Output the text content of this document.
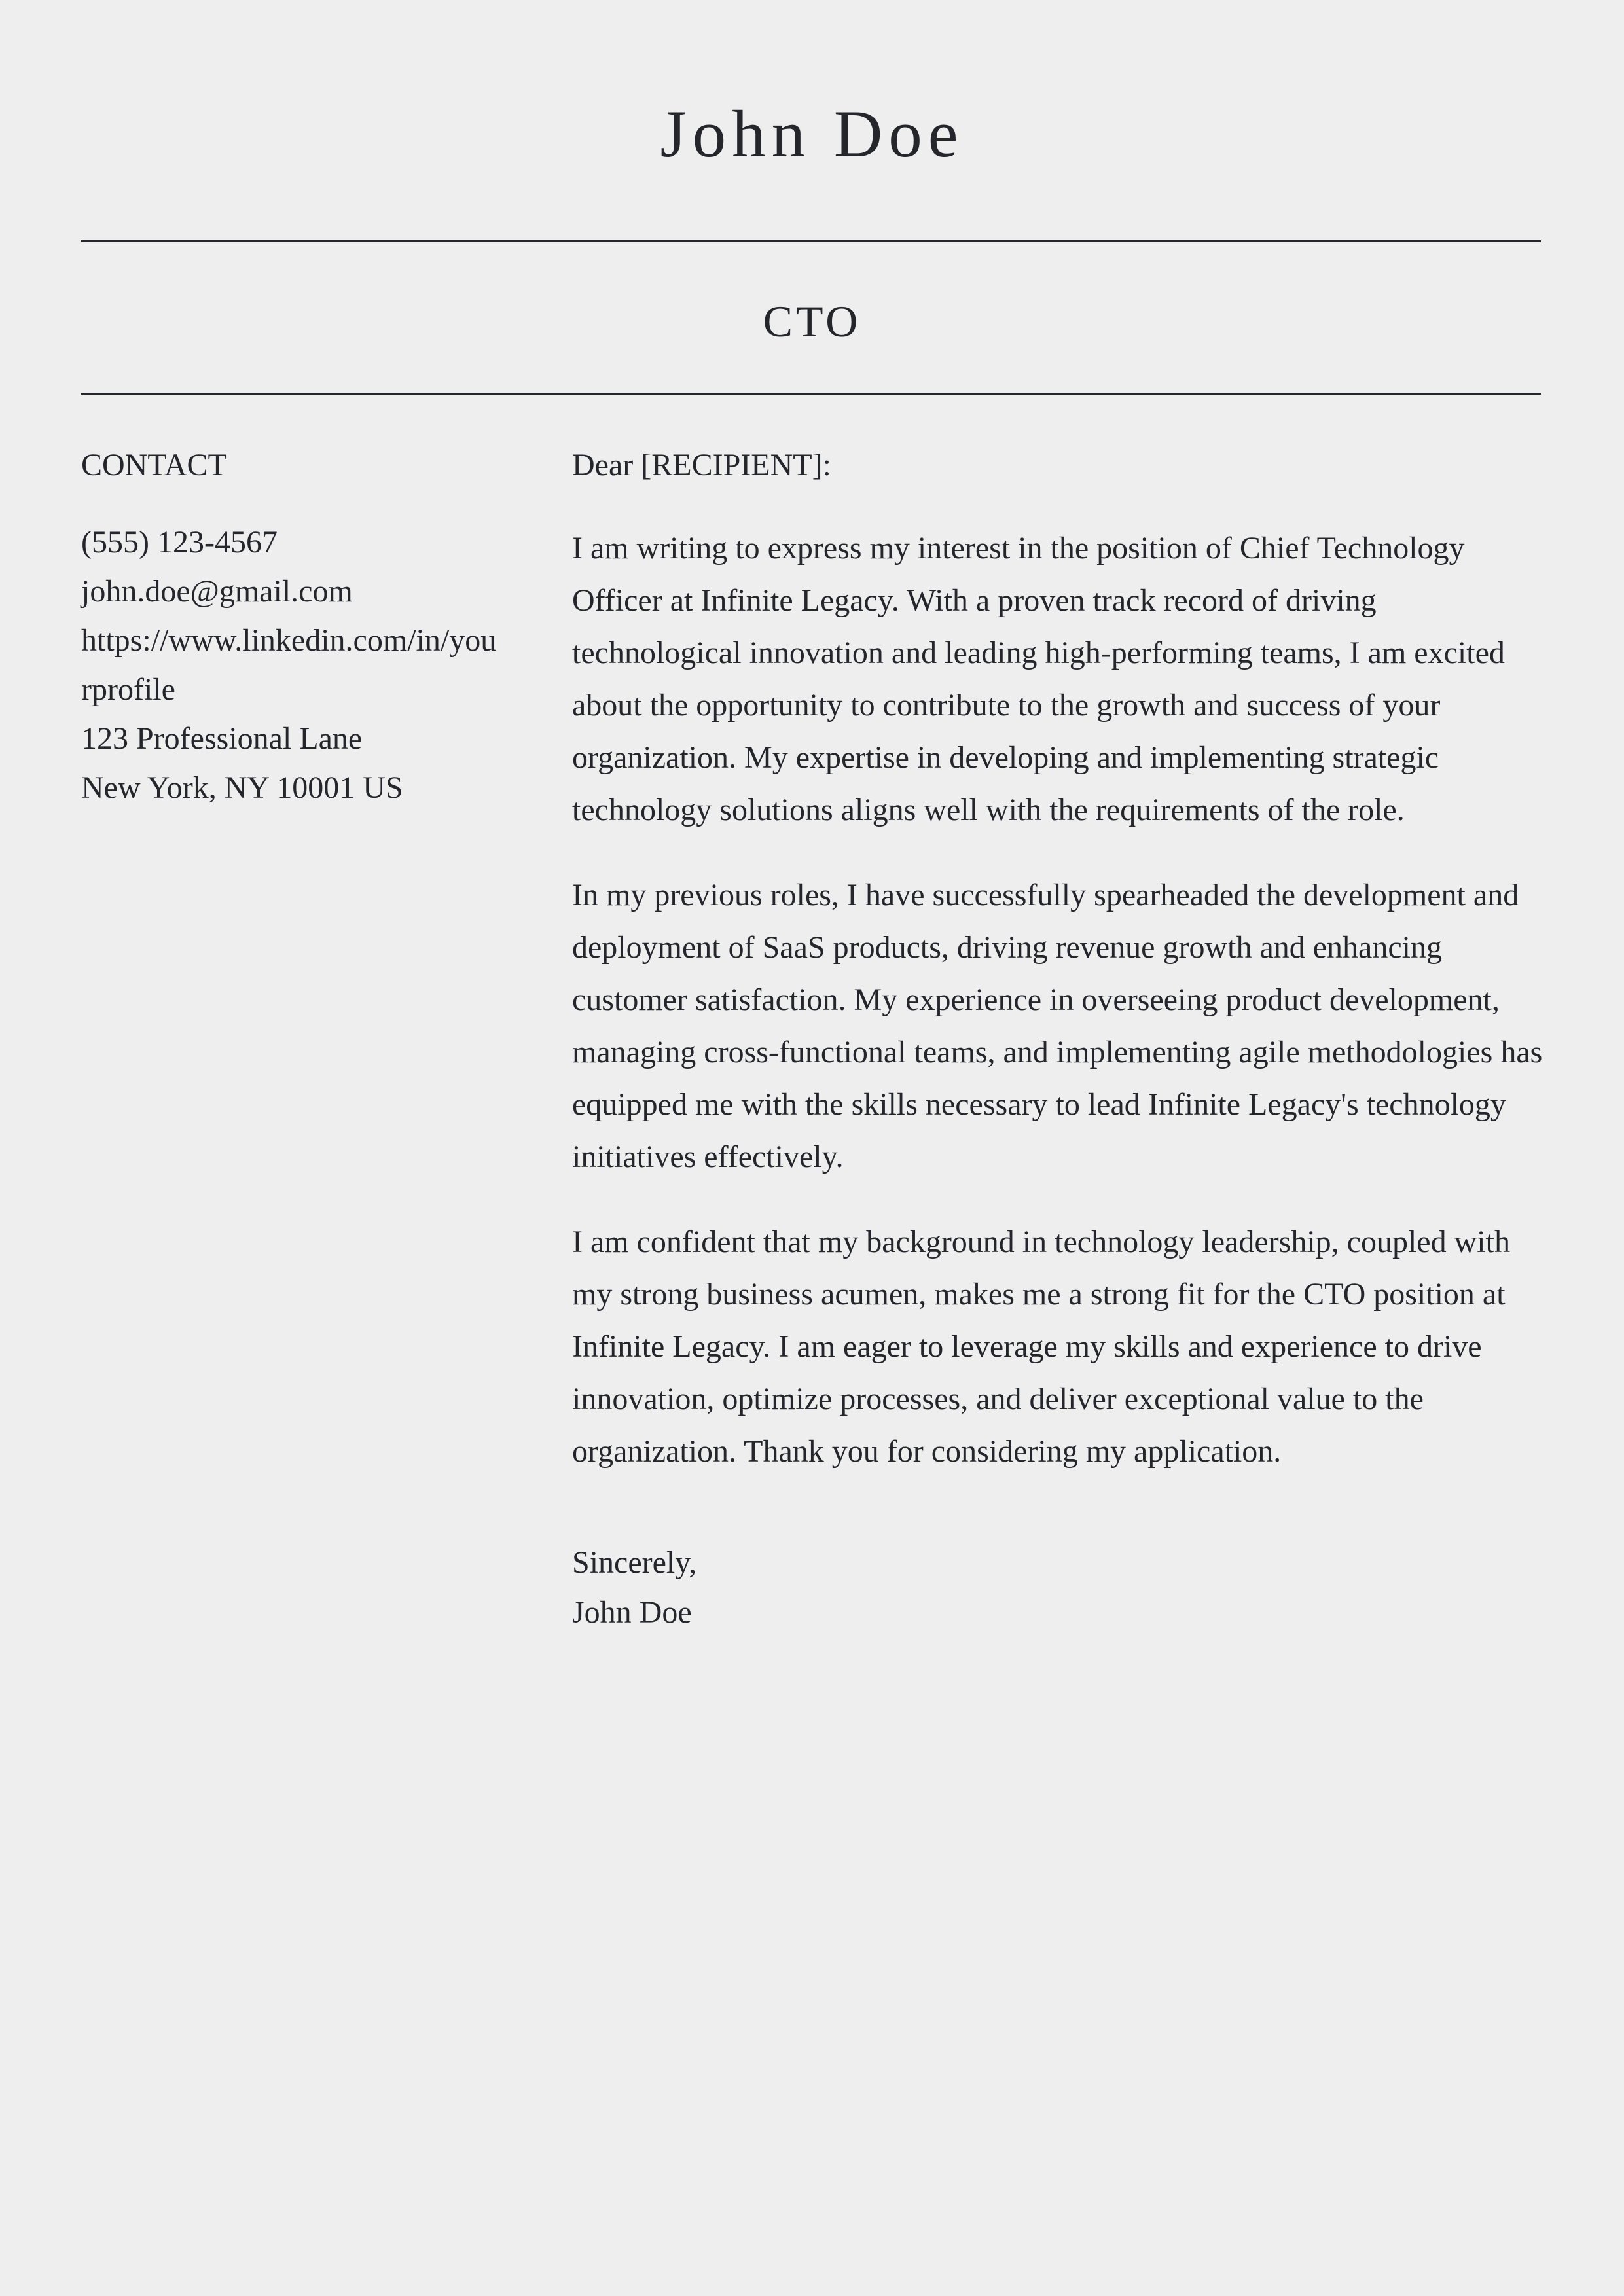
John Doe
CTO
CONTACT
(555) 123-4567
john.doe@gmail.com
https://www.linkedin.com/in/yourprofile
123 Professional Lane
New York, NY 10001 US

Dear [RECIPIENT]:

I am writing to express my interest in the position of Chief Technology Officer at Infinite Legacy. With a proven track record of driving technological innovation and leading high-performing teams, I am excited about the opportunity to contribute to the growth and success of your organization. My expertise in developing and implementing strategic technology solutions aligns well with the requirements of the role.

In my previous roles, I have successfully spearheaded the development and deployment of SaaS products, driving revenue growth and enhancing customer satisfaction. My experience in overseeing product development, managing cross-functional teams, and implementing agile methodologies has equipped me with the skills necessary to lead Infinite Legacy's technology initiatives effectively.

I am confident that my background in technology leadership, coupled with my strong business acumen, makes me a strong fit for the CTO position at Infinite Legacy. I am eager to leverage my skills and experience to drive innovation, optimize processes, and deliver exceptional value to the organization. Thank you for considering my application.

Sincerely,
John Doe
